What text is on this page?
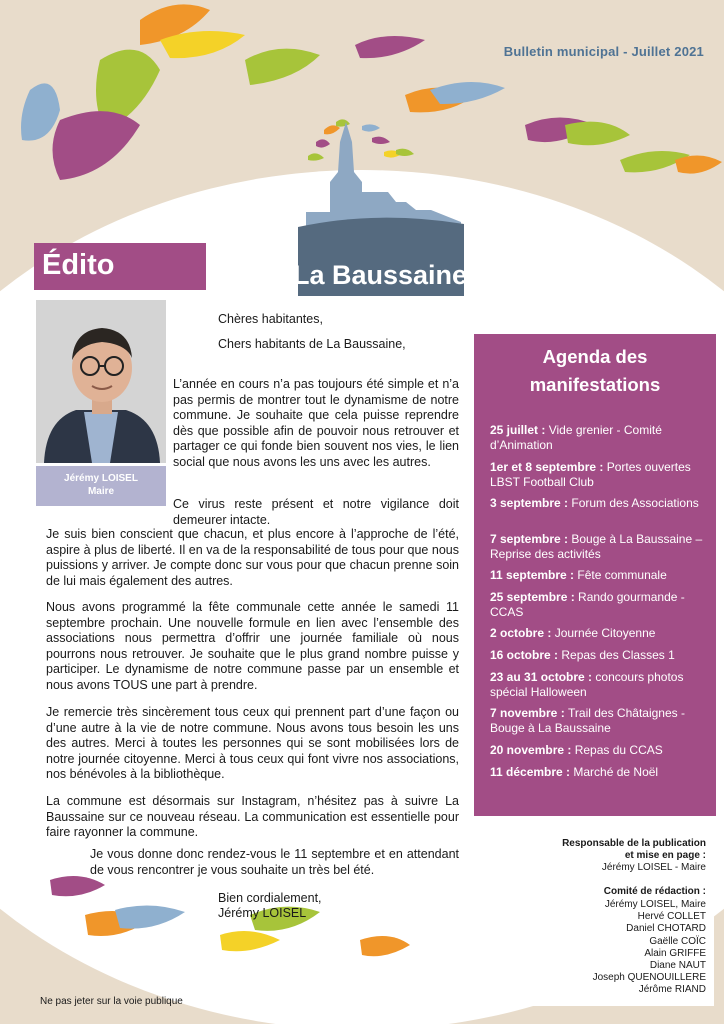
Bulletin municipal - Juillet 2021
La Baussaine
Édito
Jérémy LOISEL
Maire
Chères habitantes,
Chers habitants de La Baussaine,
L’année en cours n’a pas toujours été simple et n’a pas permis de montrer tout le dynamisme de notre commune. Je souhaite que cela puisse reprendre dès que possible afin de pouvoir nous retrouver et partager ce qui fonde bien souvent nos vies, le lien social que nous avons les uns avec les autres.
Ce virus reste présent et notre vigilance doit demeurer intacte.
Je suis bien conscient que chacun, et plus encore à l’approche de l’été, aspire à plus de liberté. Il en va de la responsabilité de tous pour que nous puissions y arriver. Je compte donc sur vous pour que chacun prenne soin de lui mais également des autres.
Nous avons programmé la fête communale cette année le samedi 11 septembre prochain. Une nouvelle formule en lien avec l’ensemble des associations nous permettra d’offrir une journée familiale où nous pourrons nous retrouver. Je souhaite que le plus grand nombre puisse y participer. Le dynamisme de notre commune passe par un ensemble et nous avons TOUS une part à prendre.
Je remercie très sincèrement tous ceux qui prennent part d’une façon ou d’une autre à la vie de notre commune. Nous avons tous besoin les uns des autres. Merci à toutes les personnes qui se sont mobilisées lors de notre journée citoyenne. Merci à tous ceux qui font vivre nos associations, nos bénévoles à la bibliothèque.
La commune est désormais sur Instagram, n’hésitez pas à suivre La Baussaine sur ce nouveau réseau. La communication est essentielle pour faire rayonner la commune.
Je vous donne donc rendez-vous le 11 septembre et en attendant de vous rencontrer je vous souhaite un très bel été.
Bien cordialement,
Jérémy LOISEL
Agenda des
manifestations
25 juillet : Vide grenier - Comité d’Animation
1er et 8 septembre : Portes ouvertes LBST Football Club
3 septembre : Forum des Associations
7 septembre : Bouge à La Baussaine – Reprise des activités
11 septembre : Fête communale
25 septembre : Rando gourmande - CCAS
2 octobre : Journée Citoyenne
16 octobre : Repas des Classes 1
23 au 31 octobre : concours photos spécial Halloween
7 novembre : Trail des Châtaignes - Bouge à La Baussaine
20 novembre : Repas du CCAS
11 décembre : Marché de Noël
Responsable de la publication
et mise en page :
Jérémy LOISEL - Maire
Comité de rédaction :
Jérémy LOISEL, Maire
Hervé COLLET
Daniel CHOTARD
Gaëlle COÏC
Alain GRIFFE
Diane NAUT
Joseph QUENOUILLERE
Jérôme RIAND
Ne pas jeter sur la voie publique
